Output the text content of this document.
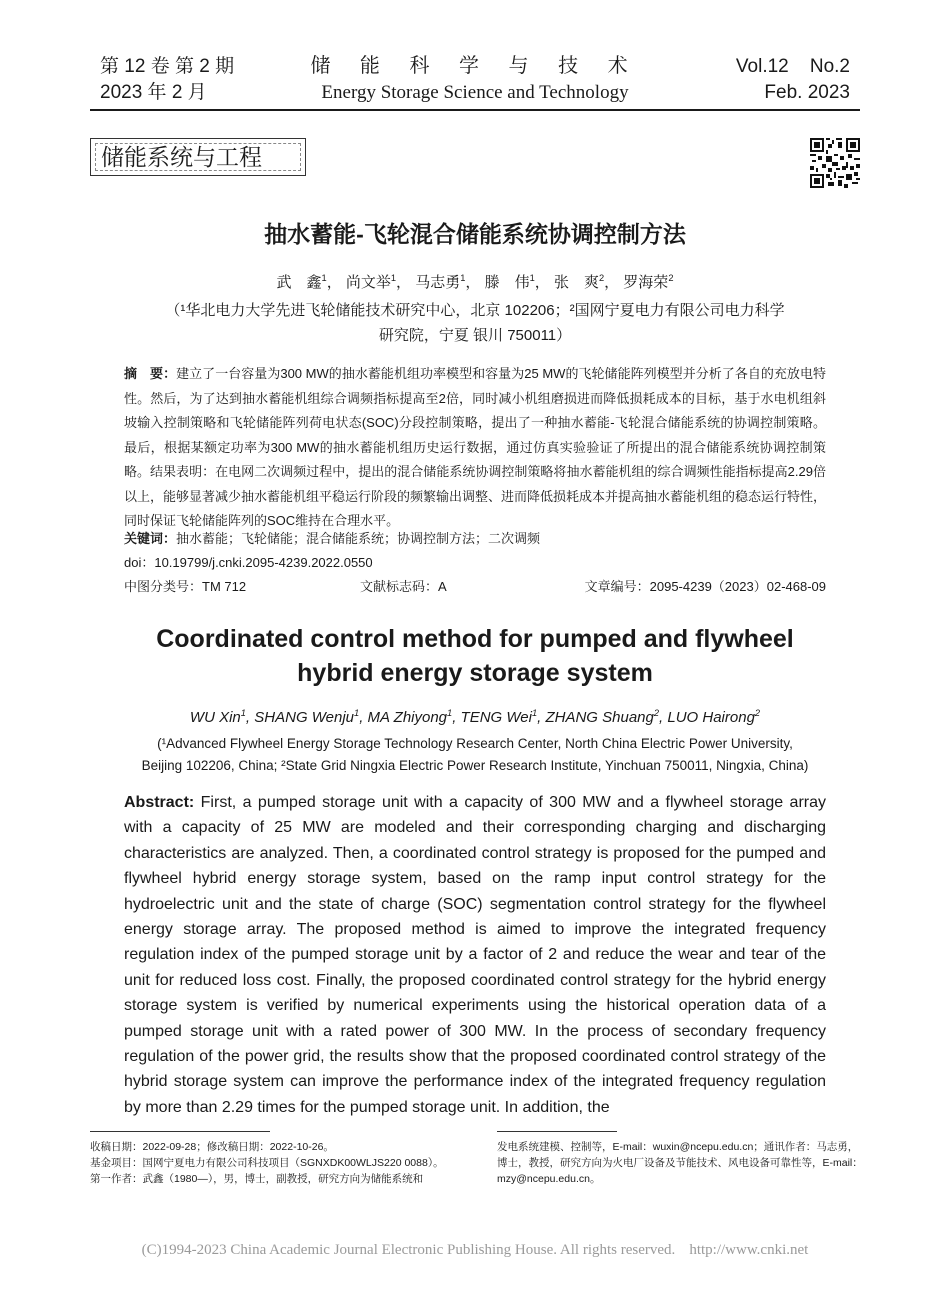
第 12 卷 第 2 期
2023 年 2 月
储 能 科 学 与 技 术
Energy Storage Science and Technology
Vol.12    No.2
Feb. 2023
储能系统与工程
抽水蓄能-飞轮混合储能系统协调控制方法
武　鑫$^1$， 尚文举$^1$， 马志勇$^1$， 滕　伟$^1$， 张　爽$^2$， 罗海荣$^2$
（¹华北电力大学先进飞轮储能技术研究中心，北京 102206；²国网宁夏电力有限公司电力科学
研究院，宁夏 银川 750011）
摘　要：建立了一台容量为300 MW的抽水蓄能机组功率模型和容量为25 MW的飞轮储能阵列模型并分析了各自的充放电特性。然后，为了达到抽水蓄能机组综合调频指标提高至2倍，同时减小机组磨损进而降低损耗成本的目标，基于水电机组斜坡输入控制策略和飞轮储能阵列荷电状态(SOC)分段控制策略，提出了一种抽水蓄能-飞轮混合储能系统的协调控制策略。最后，根据某额定功率为300 MW的抽水蓄能机组历史运行数据，通过仿真实验验证了所提出的混合储能系统协调控制策略。结果表明：在电网二次调频过程中，提出的混合储能系统协调控制策略将抽水蓄能机组的综合调频性能指标提高2.29倍以上，能够显著减少抽水蓄能机组平稳运行阶段的频繁输出调整、进而降低损耗成本并提高抽水蓄能机组的稳态运行特性，同时保证飞轮储能阵列的SOC维持在合理水平。
关键词：抽水蓄能；飞轮储能；混合储能系统；协调控制方法；二次调频
doi：10.19799/j.cnki.2095-4239.2022.0550
中图分类号：TM 712	文献标志码：A	文章编号：2095-4239（2023）02-468-09
Coordinated control method for pumped and flywheel
hybrid energy storage system
WU Xin$^1$, SHANG Wenju$^1$, MA Zhiyong$^1$, TENG Wei$^1$, ZHANG Shuang$^2$, LUO Hairong$^2$
(¹Advanced Flywheel Energy Storage Technology Research Center, North China Electric Power University,
Beijing 102206, China; ²State Grid Ningxia Electric Power Research Institute, Yinchuan 750011, Ningxia, China)
Abstract: First, a pumped storage unit with a capacity of 300 MW and a flywheel storage array with a capacity of 25 MW are modeled and their corresponding charging and discharging characteristics are analyzed. Then, a coordinated control strategy is proposed for the pumped and flywheel hybrid energy storage system, based on the ramp input control strategy for the hydroelectric unit and the state of charge (SOC) segmentation control strategy for the flywheel energy storage array. The proposed method is aimed to improve the integrated frequency regulation index of the pumped storage unit by a factor of 2 and reduce the wear and tear of the unit for reduced loss cost. Finally, the proposed coordinated control strategy for the hybrid energy storage system is verified by numerical experiments using the historical operation data of a pumped storage unit with a rated power of 300 MW. In the process of secondary frequency regulation of the power grid, the results show that the proposed coordinated control strategy of the hybrid storage system can improve the performance index of the integrated frequency regulation by more than 2.29 times for the pumped storage unit. In addition, the
收稿日期：2022-09-28；修改稿日期：2022-10-26。
基金项目：国网宁夏电力有限公司科技项目（SGNXDK00WLJS220 0088）。
第一作者：武鑫（1980—），男，博士，副教授，研究方向为储能系统和
发电系统建模、控制等，E-mail：wuxin@ncepu.edu.cn；通讯作者：马志勇，博士，教授，研究方向为火电厂设备及节能技术、风电设备可靠性等，E-mail：mzy@ncepu.edu.cn。
(C)1994-2023 China Academic Journal Electronic Publishing House. All rights reserved. http://www.cnki.net
